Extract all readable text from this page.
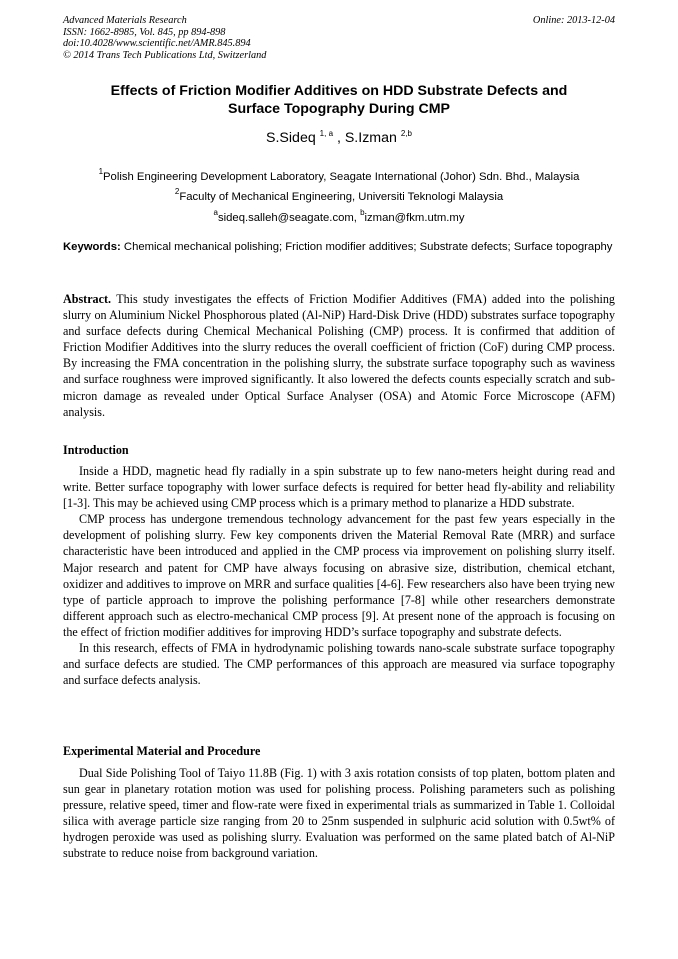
Advanced Materials Research
ISSN: 1662-8985, Vol. 845, pp 894-898
doi:10.4028/www.scientific.net/AMR.845.894
© 2014 Trans Tech Publications Ltd, Switzerland
Online: 2013-12-04
Effects of Friction Modifier Additives on HDD Substrate Defects and
Surface Topography During CMP
S.Sideq $^{1, a}$ , S.Izman $^{2,b}$
$^1$Polish Engineering Development Laboratory, Seagate International (Johor) Sdn. Bhd., Malaysia
$^2$Faculty of Mechanical Engineering, Universiti Teknologi Malaysia
$^a$sideq.salleh@seagate.com, $^b$izman@fkm.utm.my
Keywords: Chemical mechanical polishing; Friction modifier additives; Substrate defects; Surface topography

Abstract. This study investigates the effects of Friction Modifier Additives (FMA) added into the polishing slurry on Aluminium Nickel Phosphorous plated (Al-NiP) Hard-Disk Drive (HDD) substrates surface topography and surface defects during Chemical Mechanical Polishing (CMP) process. It is confirmed that addition of Friction Modifier Additives into the slurry reduces the overall coefficient of friction (CoF) during CMP process. By increasing the FMA concentration in the polishing slurry, the substrate surface topography such as waviness and surface roughness were improved significantly. It also lowered the defects counts especially scratch and sub-micron damage as revealed under Optical Surface Analyser (OSA) and Atomic Force Microscope (AFM) analysis.

Introduction

Inside a HDD, magnetic head fly radially in a spin substrate up to few nano-meters height during read and write. Better surface topography with lower surface defects is required for better head fly-ability and reliability [1-3]. This may be achieved using CMP process which is a primary method to planarize a HDD substrate.

CMP process has undergone tremendous technology advancement for the past few years especially in the development of polishing slurry. Few key components driven the Material Removal Rate (MRR) and surface characteristic have been introduced and applied in the CMP process via improvement on polishing slurry itself. Major research and patent for CMP have always focusing on abrasive size, distribution, chemical etchant, oxidizer and additives to improve on MRR and surface qualities [4-6]. Few researchers also have been trying new type of particle approach to improve the polishing performance [7-8] while other researchers demonstrate different approach such as electro-mechanical CMP process [9]. At present none of the approach is focusing on the effect of friction modifier additives for improving HDD’s surface topography and substrate defects.

In this research, effects of FMA in hydrodynamic polishing towards nano-scale substrate surface topography and surface defects are studied. The CMP performances of this approach are measured via surface topography and surface defects analysis.

Experimental Material and Procedure

Dual Side Polishing Tool of Taiyo 11.8B (Fig. 1) with 3 axis rotation consists of top platen, bottom platen and sun gear in planetary rotation motion was used for polishing process. Polishing parameters such as polishing pressure, relative speed, timer and flow-rate were fixed in experimental trials as summarized in Table 1. Colloidal silica with average particle size ranging from 20 to 25nm suspended in sulphuric acid solution with 0.5wt% of hydrogen peroxide was used as polishing slurry. Evaluation was performed on the same plated batch of Al-NiP substrate to reduce noise from background variation.
